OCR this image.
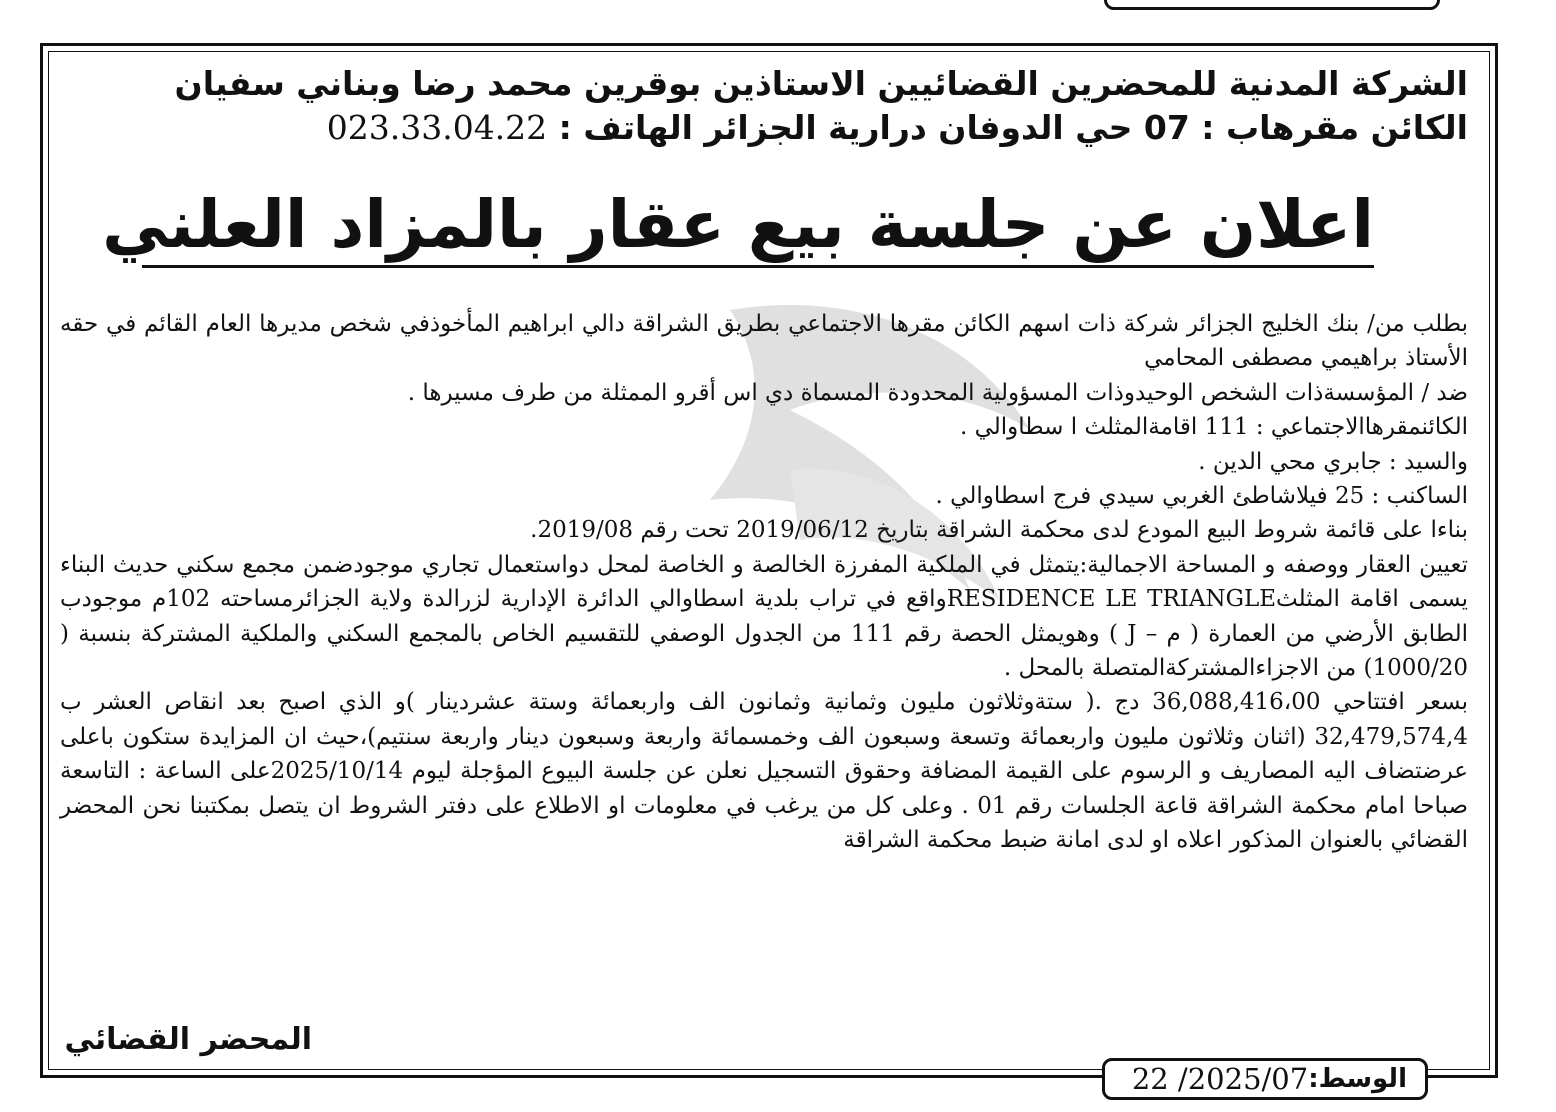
الشركة المدنية للمحضرين القضائيين الاستاذين بوقرين محمد رضا وبناني سفيان
الكائن مقرهاب : 07 حي الدوفان درارية الجزائر الهاتف : 023.33.04.22
اعلان عن جلسة بيع عقار بالمزاد العلني

بطلب من/ بنك الخليج الجزائر شركة ذات اسهم الكائن مقرها الاجتماعي بطريق الشراقة دالي ابراهيم المأخوذفي شخص مديرها العام القائم في حقه الأستاذ براهيمي مصطفى المحامي

ضد / المؤسسةذات الشخص الوحيدوذات المسؤولية المحدودة المسماة دي اس أقرو الممثلة من طرف مسيرها .

الكائنمقرهاالاجتماعي : 111 اقامةالمثلث ا سطاوالي .

والسيد : جابري محي الدين .

الساكنب : 25 فيلاشاطئ الغربي سيدي فرج اسطاوالي .

بناءا على قائمة شروط البيع المودع لدى محكمة الشراقة بتاريخ 2019/06/12 تحت رقم 2019/08.

تعيين العقار ووصفه و المساحة الاجمالية:يتمثل في الملكية المفرزة الخالصة و الخاصة لمحل دواستعمال تجاري موجودضمن مجمع سكني حديث البناء يسمى اقامة المثلثRESIDENCE LE TRIANGLEواقع في تراب بلدية اسطاوالي الدائرة الإدارية لزرالدة ولاية الجزائرمساحته 102م موجودب الطابق الأرضي من العمارة ( م – J ) وهويمثل الحصة رقم 111 من الجدول الوصفي للتقسيم الخاص بالمجمع السكني والملكية المشتركة بنسبة ( 1000/20) من الاجزاءالمشتركةالمتصلة بالمحل .

بسعر افتتاحي 36,088,416،00 دج .( ستةوثلاثون مليون وثمانية وثمانون الف واربعمائة وستة عشردينار )و الذي اصبح بعد انقاص العشر ب 32,479,574,4 (اثنان وثلاثون مليون واربعمائة وتسعة وسبعون الف وخمسمائة واربعة وسبعون دينار واربعة سنتيم)،حيث ان المزايدة ستكون باعلى عرضتضاف اليه المصاريف و الرسوم على القيمة المضافة وحقوق التسجيل نعلن عن جلسة البيوع المؤجلة ليوم 2025/10/14على الساعة : التاسعة صباحا امام محكمة الشراقة قاعة الجلسات رقم 01 . وعلى كل من يرغب في معلومات او الاطلاع على دفتر الشروط ان يتصل بمكتبنا نحن المحضر القضائي بالعنوان المذكور اعلاه او لدى امانة ضبط محكمة الشراقة

المحضر القضائي
الوسط:
2025/07/ 22
